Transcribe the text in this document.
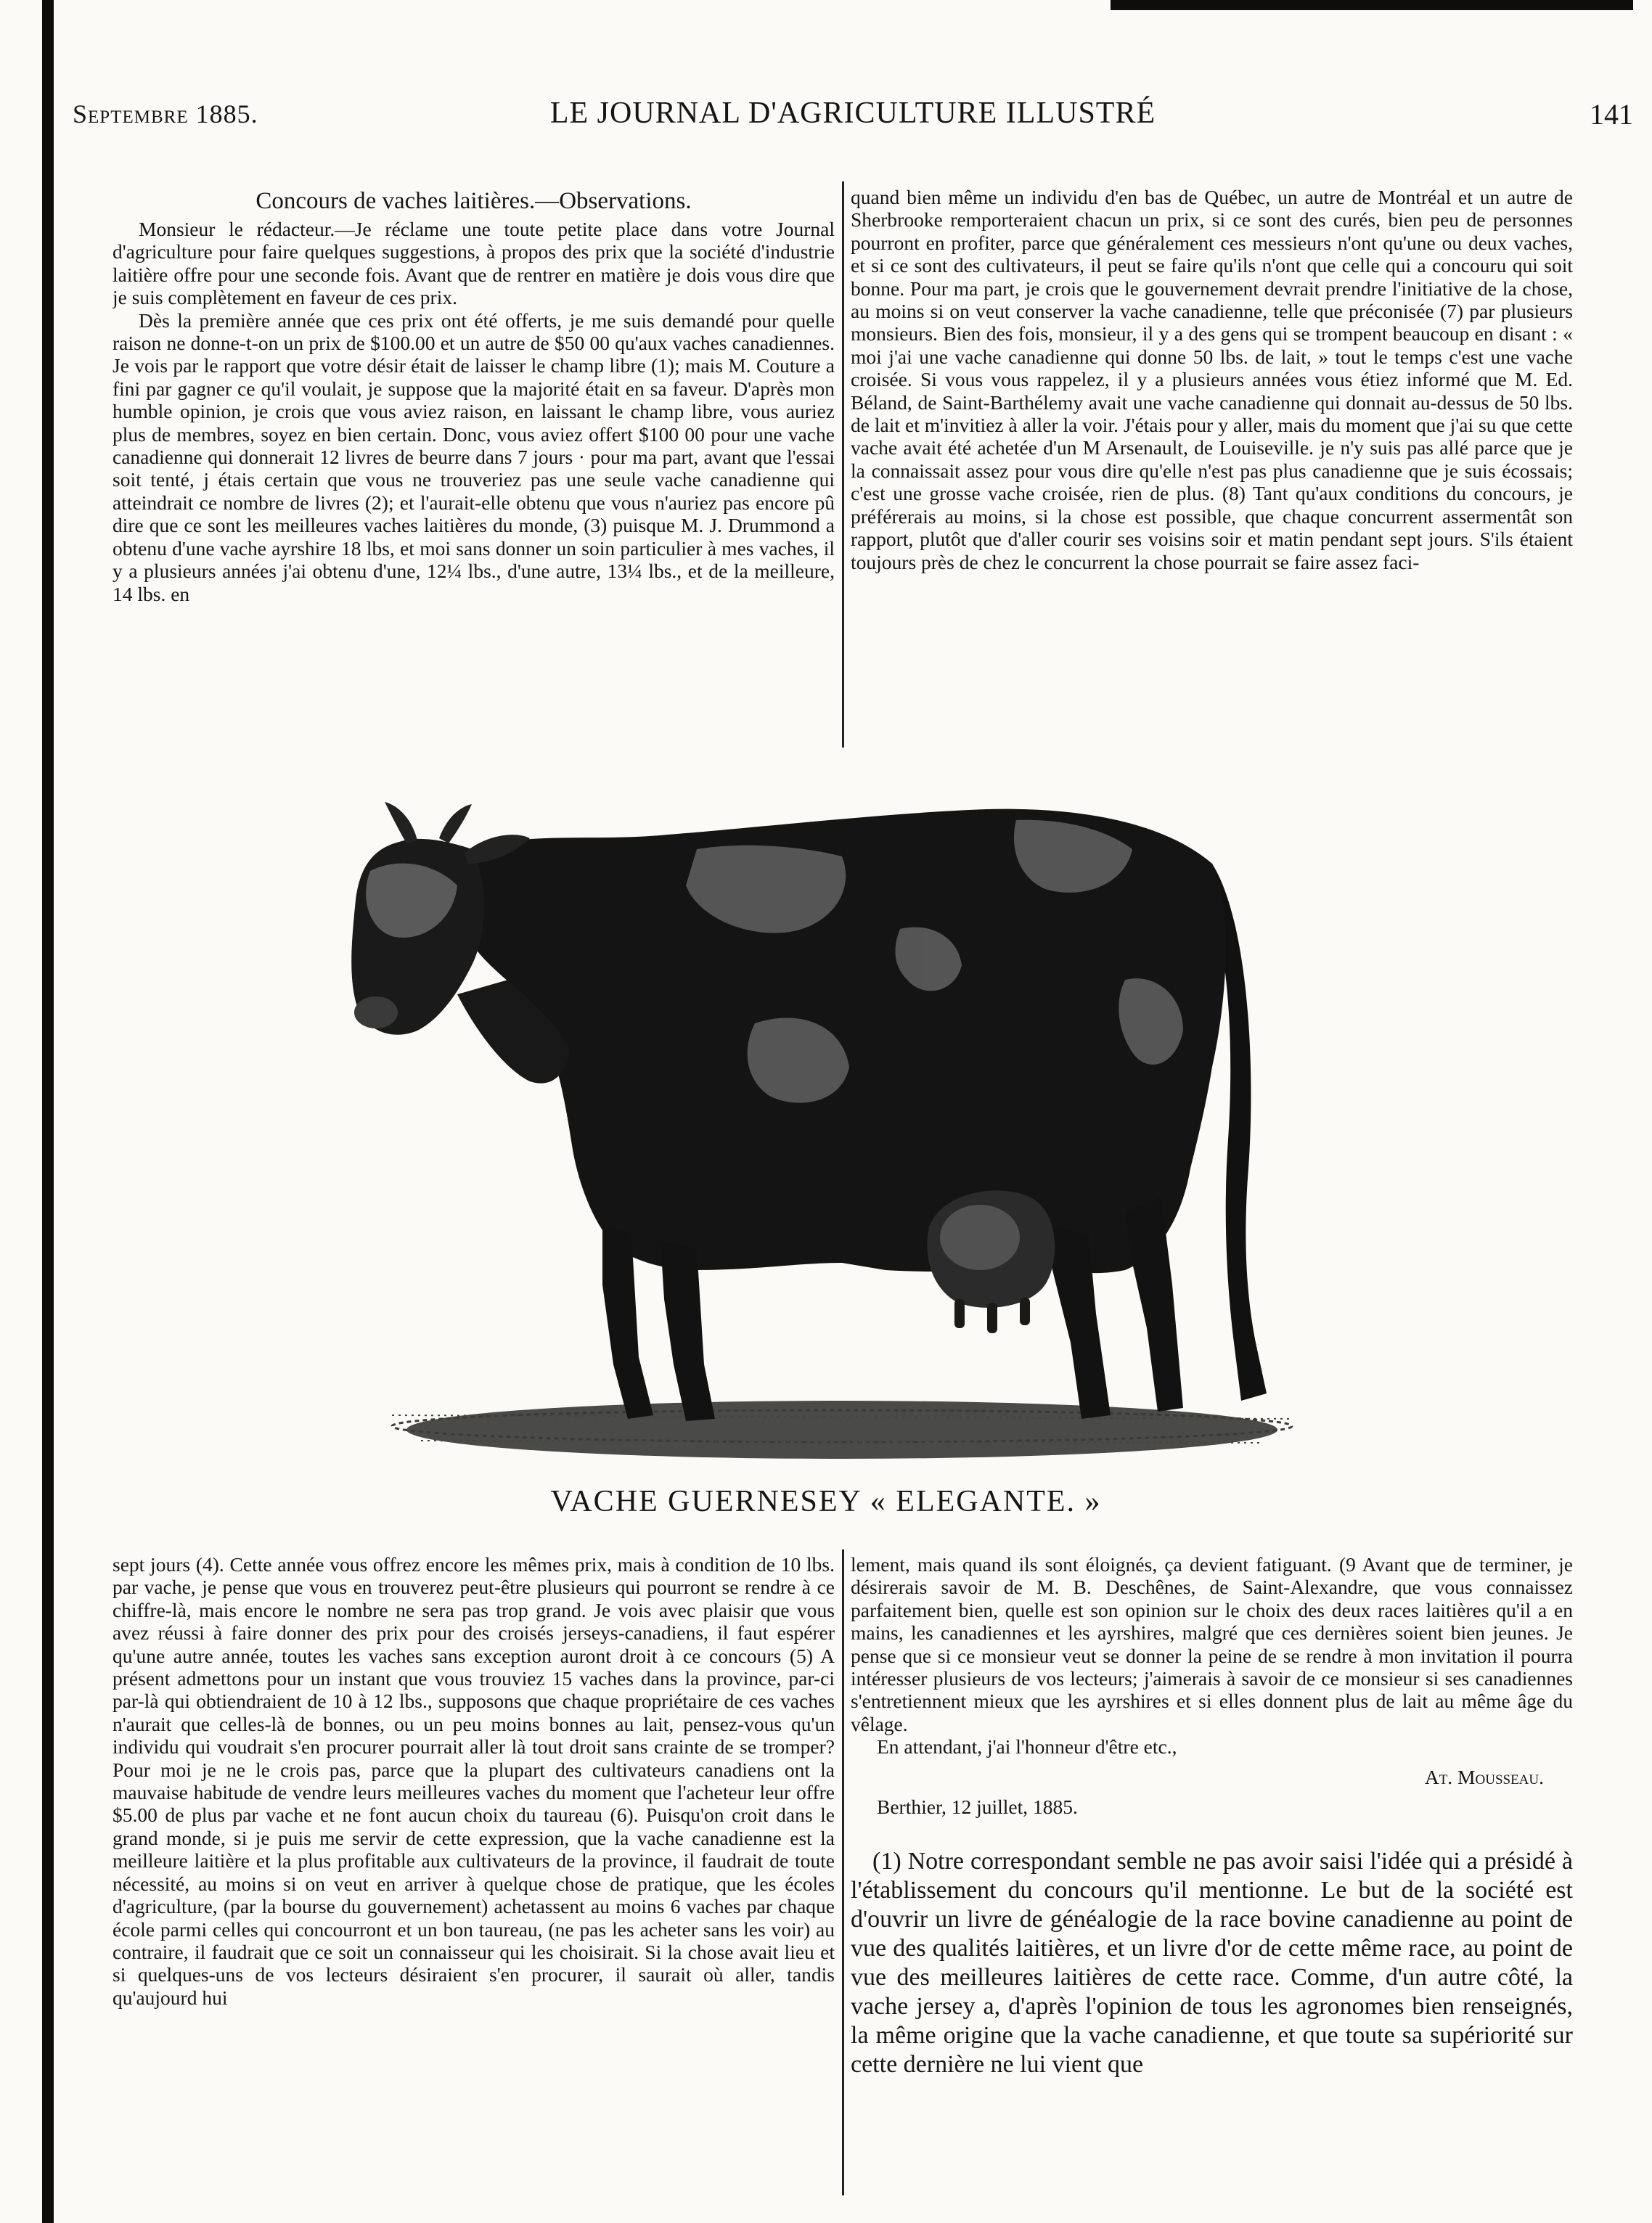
Septembre 1885.	LE JOURNAL D'AGRICULTURE ILLUSTRÉ	141
Concours de vaches laitières.—Observations.

Monsieur le rédacteur.—Je réclame une toute petite place dans votre Journal d'agriculture pour faire quelques suggestions, à propos des prix que la société d'industrie laitière offre pour une seconde fois. Avant que de rentrer en matière je dois vous dire que je suis complètement en faveur de ces prix.

Dès la première année que ces prix ont été offerts, je me suis demandé pour quelle raison ne donne-t-on un prix de $100.00 et un autre de $50 00 qu'aux vaches canadiennes. Je vois par le rapport que votre désir était de laisser le champ libre (1); mais M. Couture a fini par gagner ce qu'il voulait, je suppose que la majorité était en sa faveur. D'après mon humble opinion, je crois que vous aviez raison, en laissant le champ libre, vous auriez plus de membres, soyez en bien certain. Donc, vous aviez offert $100 00 pour une vache canadienne qui donnerait 12 livres de beurre dans 7 jours · pour ma part, avant que l'essai soit tenté, j étais certain que vous ne trouveriez pas une seule vache canadienne qui atteindrait ce nombre de livres (2); et l'aurait-elle obtenu que vous n'auriez pas encore pû dire que ce sont les meilleures vaches laitières du monde, (3) puisque M. J. Drummond a obtenu d'une vache ayrshire 18 lbs, et moi sans donner un soin particulier à mes vaches, il y a plusieurs années j'ai obtenu d'une, 12¼ lbs., d'une autre, 13¼ lbs., et de la meilleure, 14 lbs. en

quand bien même un individu d'en bas de Québec, un autre de Montréal et un autre de Sherbrooke remporteraient chacun un prix, si ce sont des curés, bien peu de personnes pourront en profiter, parce que généralement ces messieurs n'ont qu'une ou deux vaches, et si ce sont des cultivateurs, il peut se faire qu'ils n'ont que celle qui a concouru qui soit bonne. Pour ma part, je crois que le gouvernement devrait prendre l'initiative de la chose, au moins si on veut conserver la vache canadienne, telle que préconisée (7) par plusieurs monsieurs. Bien des fois, monsieur, il y a des gens qui se trompent beaucoup en disant : « moi j'ai une vache canadienne qui donne 50 lbs. de lait, » tout le temps c'est une vache croisée. Si vous vous rappelez, il y a plusieurs années vous étiez informé que M. Ed. Béland, de Saint-Barthélemy avait une vache canadienne qui donnait au-dessus de 50 lbs. de lait et m'invitiez à aller la voir. J'étais pour y aller, mais du moment que j'ai su que cette vache avait été achetée d'un M Arsenault, de Louiseville. je n'y suis pas allé parce que je la connaissait assez pour vous dire qu'elle n'est pas plus canadienne que je suis écossais; c'est une grosse vache croisée, rien de plus. (8) Tant qu'aux conditions du concours, je préférerais au moins, si la chose est possible, que chaque concurrent assermentât son rapport, plutôt que d'aller courir ses voisins soir et matin pendant sept jours. S'ils étaient toujours près de chez le concurrent la chose pourrait se faire assez faci-

VACHE GUERNESEY « ELEGANTE. »

sept jours (4). Cette année vous offrez encore les mêmes prix, mais à condition de 10 lbs. par vache, je pense que vous en trouverez peut-être plusieurs qui pourront se rendre à ce chiffre-là, mais encore le nombre ne sera pas trop grand. Je vois avec plaisir que vous avez réussi à faire donner des prix pour des croisés jerseys-canadiens, il faut espérer qu'une autre année, toutes les vaches sans exception auront droit à ce concours (5) A présent admettons pour un instant que vous trouviez 15 vaches dans la province, par-ci par-là qui obtiendraient de 10 à 12 lbs., supposons que chaque propriétaire de ces vaches n'aurait que celles-là de bonnes, ou un peu moins bonnes au lait, pensez-vous qu'un individu qui voudrait s'en procurer pourrait aller là tout droit sans crainte de se tromper? Pour moi je ne le crois pas, parce que la plupart des cultivateurs canadiens ont la mauvaise habitude de vendre leurs meilleures vaches du moment que l'acheteur leur offre $5.00 de plus par vache et ne font aucun choix du taureau (6). Puisqu'on croit dans le grand monde, si je puis me servir de cette expression, que la vache canadienne est la meilleure laitière et la plus profitable aux cultivateurs de la province, il faudrait de toute nécessité, au moins si on veut en arriver à quelque chose de pratique, que les écoles d'agriculture, (par la bourse du gouvernement) achetassent au moins 6 vaches par chaque école parmi celles qui concourront et un bon taureau, (ne pas les acheter sans les voir) au contraire, il faudrait que ce soit un connaisseur qui les choisirait. Si la chose avait lieu et si quelques-uns de vos lecteurs désiraient s'en procurer, il saurait où aller, tandis qu'aujourd hui

lement, mais quand ils sont éloignés, ça devient fatiguant. (9 Avant que de terminer, je désirerais savoir de M. B. Deschênes, de Saint-Alexandre, que vous connaissez parfaitement bien, quelle est son opinion sur le choix des deux races laitières qu'il a en mains, les canadiennes et les ayrshires, malgré que ces dernières soient bien jeunes. Je pense que si ce monsieur veut se donner la peine de se rendre à mon invitation il pourra intéresser plusieurs de vos lecteurs; j'aimerais à savoir de ce monsieur si ses canadiennes s'entretiennent mieux que les ayrshires et si elles donnent plus de lait au même âge du vêlage.

En attendant, j'ai l'honneur d'être etc.,

At. Mousseau.
Berthier, 12 juillet, 1885.
(1) Notre correspondant semble ne pas avoir saisi l'idée qui a présidé à l'établissement du concours qu'il mentionne. Le but de la société est d'ouvrir un livre de généalogie de la race bovine canadienne au point de vue des qualités laitières, et un livre d'or de cette même race, au point de vue des meilleures laitières de cette race. Comme, d'un autre côté, la vache jersey a, d'après l'opinion de tous les agronomes bien renseignés, la même origine que la vache canadienne, et que toute sa supériorité sur cette dernière ne lui vient que
